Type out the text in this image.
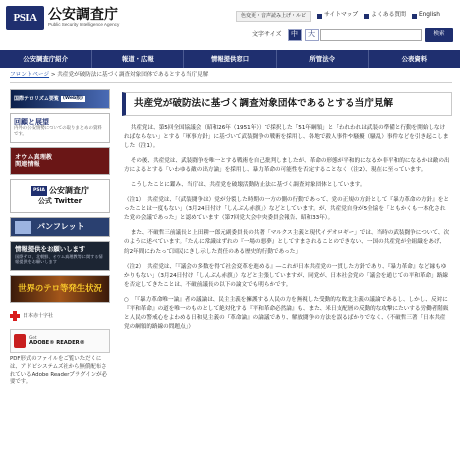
PSIA 公安調査庁
Public Security Intelligence Agency
色変更・音声読み上げ・ルビ	サイトマップ よくある質問 English
文字サイズ	中	大	検索
公安調査庁紹介	報道・広報	情報提供窓口	所管法令	公表資料
フロントページ > 共産党が破防法に基づく調査対象団体であるとする当庁見解
国際テロリズム要覧 (Web版)
回顧と展望
内外の公安情勢についての取りまとめの資料です。
オウム真理教
関連情報
PSIA 公安調査庁
公式 Twitter
パンフレット
情報提供をお願いします
国際テロ、北朝鮮、オウム真理教等に関する情報提供をお願いします
世界のテロ等発生状況
日本赤十字社
Get
ADOBE® READER®
PDF形式のファイルをご覧いただくには、アドビシステムズ社から無償配布されているAdobe Readerプラグインが必要です。
共産党が破防法に基づく調査対象団体であるとする当庁見解

共産党は、第5回全国協議会（昭和26年（1951年））で採択した「51年綱領」と「われわれは武装の準備と行動を開始しなければならない」とする「軍事方針」に基づいて武装闘争の戦術を採用し、各地で殺人事件や騒擾（騒乱）事件などを引き起こしました（注1）。

その後、共産党は、武装闘争を唯一とする戦術を自己批判しましたが、革命の形態が平和的になるか非平和的になるかは敵の出方によるとする「いわゆる敵の出方論」を採用し、暴力革命の可能性を否定することなく（注2）、現在に至っています。

こうしたことに鑑み、当庁は、共産党を破壊活動防止法に基づく調査対象団体としています。

（注1）　共産党は、「（武装闘争は）党が分裂した時期の一方の側の行動であって、党の正規の方針として『暴力革命の方針』をとったことは一度もない」（3月24日付け「しんぶん赤旗」）などとしています。が、共産党自身が5全協を「ともかくも一本化された党の会議であった」と認めています（第7回党大会中央委員会報告、昭和33年）。

また、不破哲三前議長と上田耕一郎元副委員長の共著「マルクス主義と現代イデオロギー」では、当時の武装闘争について、次のように述べています。「たんに常識はずれの『一場の悪夢』としてすまされることのできない、一国の共産党が全組織をあげ、約2年間にわたって国民にきし示した責任のある歴史的行動であった」

（注2）　共産党は、「『議会の多数を得て社会変革を進める』―これが日本共産党の一貫した方針であり、『暴力革命』など縁もゆかりもない」（3月24日付け「しんぶん赤旗」）などと主張していますが、同党が、日本社会党の「議会を通じての平和革命」路線を否定してきたことは、不破前議長の以下の論文でも明らかです。

○　「『暴力革命唯一論』者の議論は、民主主義を擁護する人民の力を無視した受動的な敗北主義の議論であるし、しかし、反対に『平和革命』の道を唯一のものとして絶対化する『平和革命必然論』も、また、米日支配層の反動的な攻撃にたいする労働者階級と人民の警戒心をよわめる日和見主義の『革命論』の論議であり、解放闘争の方法を誤るばかりでなく、（不破哲三著「日本共産党の綱領的路線の問題点」）
